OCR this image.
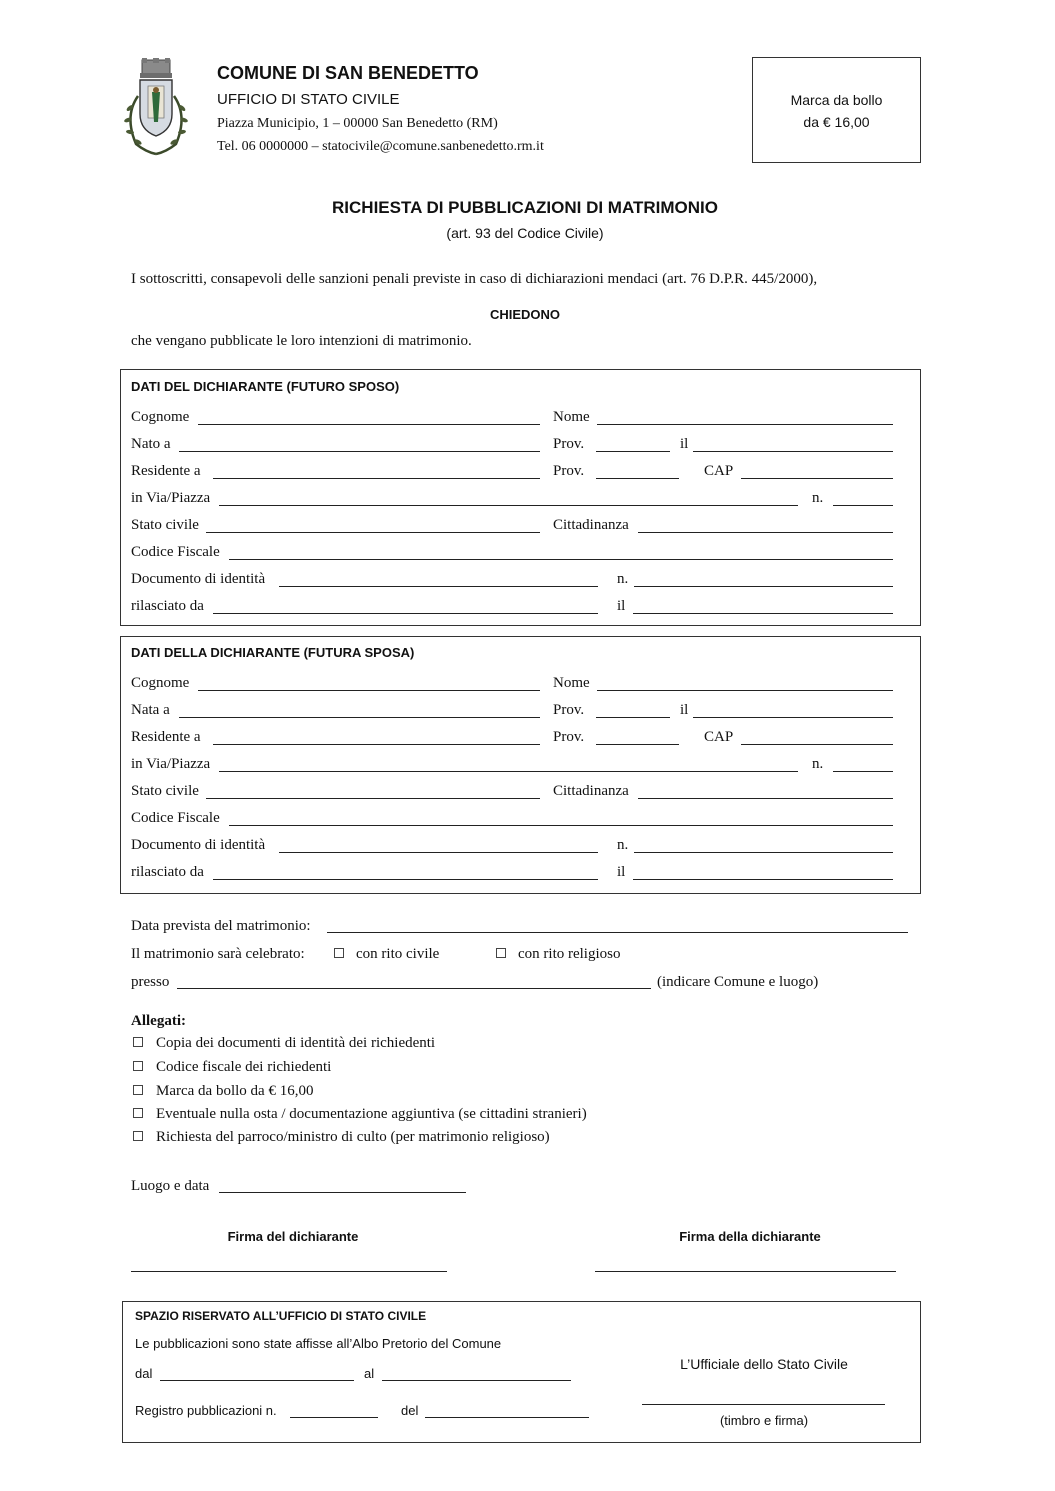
COMUNE DI SAN BENEDETTO
UFFICIO DI STATO CIVILE
Piazza Municipio, 1 – 00000 San Benedetto (RM)
Tel. 06 0000000 – statocivile@comune.sanbenedetto.rm.it
Marca da bollo
da € 16,00
RICHIESTA DI PUBBLICAZIONI DI MATRIMONIO
(art. 93 del Codice Civile)
I sottoscritti, consapevoli delle sanzioni penali previste in caso di dichiarazioni mendaci (art. 76 D.P.R. 445/2000),
CHIEDONO
che vengano pubblicate le loro intenzioni di matrimonio.
DATI DEL DICHIARANTE (FUTURO SPOSO)
Cognome	Nome
Nato a	Prov.	il
Residente a	Prov.	CAP
in Via/Piazza	n.
Stato civile	Cittadinanza
Codice Fiscale
Documento di identità	n.
rilasciato da	il
DATI DELLA DICHIARANTE (FUTURA SPOSA)
Cognome	Nome
Nata a	Prov.	il
Residente a	Prov.	CAP
in Via/Piazza	n.
Stato civile	Cittadinanza
Codice Fiscale
Documento di identità	n.
rilasciato da	il
Data prevista del matrimonio:
Il matrimonio sarà celebrato:	con rito civile	con rito religioso
presso	(indicare Comune e luogo)
Allegati:
Copia dei documenti di identità dei richiedenti
Codice fiscale dei richiedenti
Marca da bollo da € 16,00
Eventuale nulla osta / documentazione aggiuntiva (se cittadini stranieri)
Richiesta del parroco/ministro di culto (per matrimonio religioso)
Luogo e data
Firma del dichiarante	Firma della dichiarante
SPAZIO RISERVATO ALL’UFFICIO DI STATO CIVILE
Le pubblicazioni sono state affisse all’Albo Pretorio del Comune
dal	al
Registro pubblicazioni n.	del
L’Ufficiale dello Stato Civile
(timbro e firma)
